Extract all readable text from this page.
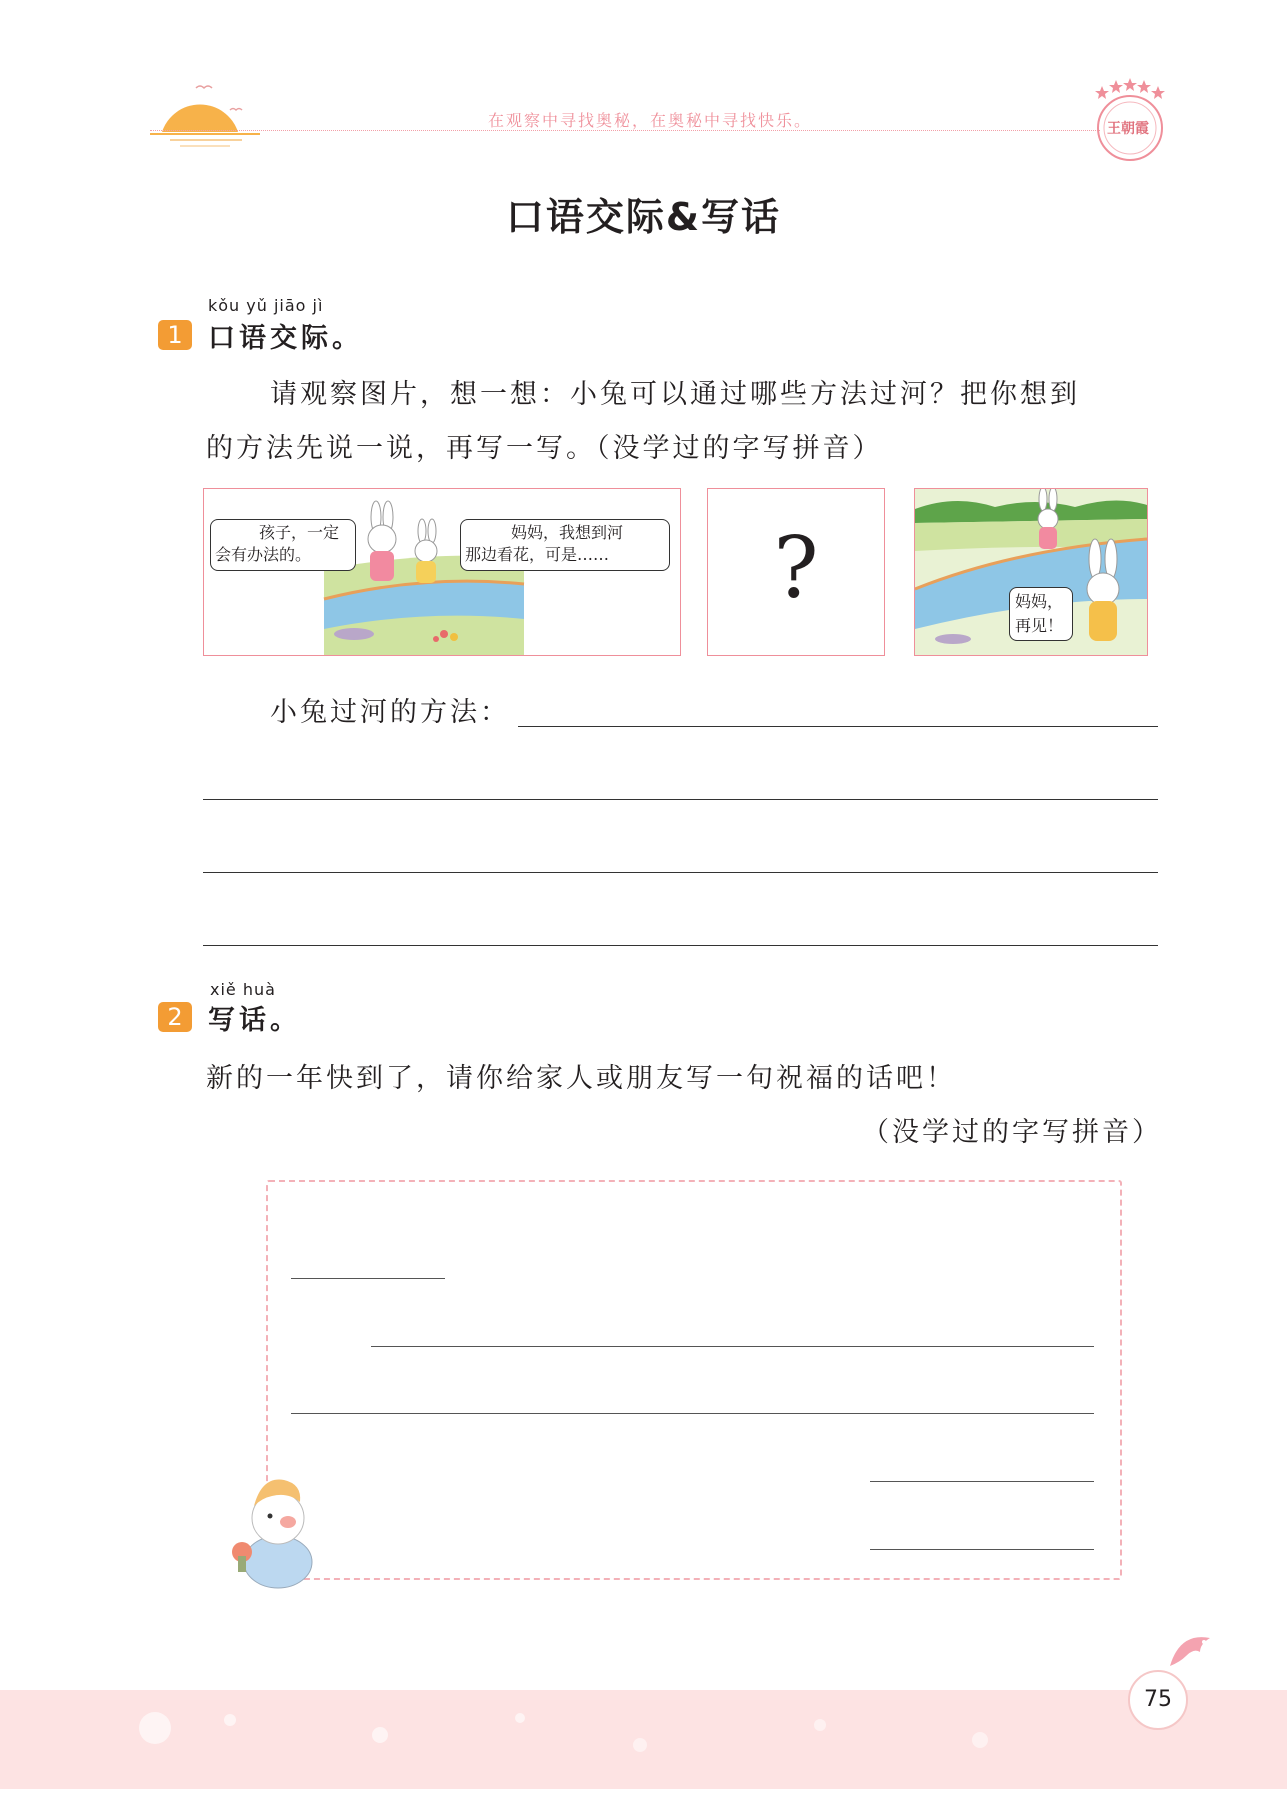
在观察中寻找奥秘，在奥秘中寻找快乐。	王朝霞
口语交际&写话
kǒu yǔ jiāo jì
1 口语交际。
请观察图片，想一想：小兔可以通过哪些方法过河？把你想到
的方法先说一说，再写一写。（没学过的字写拼音）
孩子，一定
会有办法的。
妈妈，我想到河
那边看花，可是……	?	妈妈，
再见！
小兔过河的方法：
xiě huà
2 写话。
新的一年快到了，请你给家人或朋友写一句祝福的话吧！
（没学过的字写拼音）
75
